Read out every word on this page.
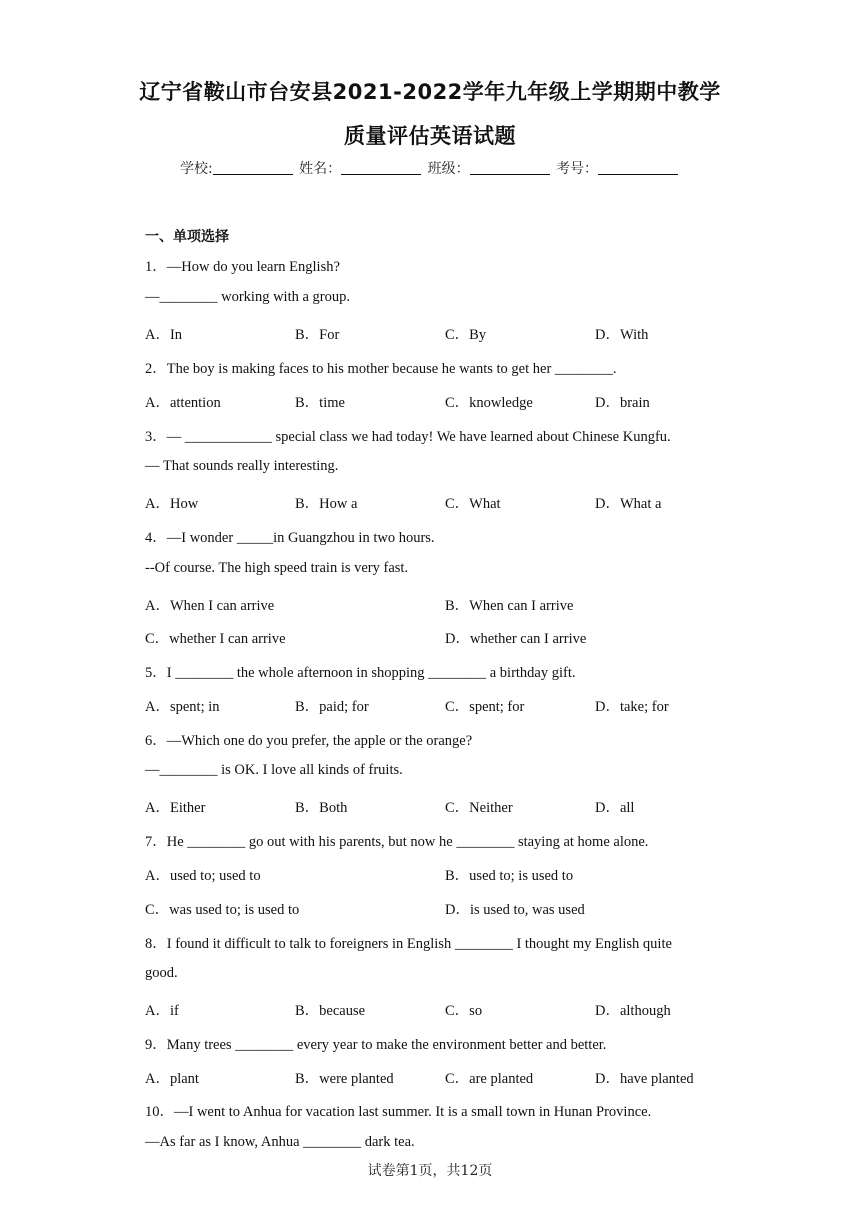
辽宁省鞍山市台安县2021-2022学年九年级上学期期中教学
质量评估英语试题
学校:	姓名：	班级：	考号：
一、单项选择
1．—How do you learn English?
—________ working with a group.
A．In	B．For	C．By	D．With
2．The boy is making faces to his mother because he wants to get her ________.
A．attention	B．time	C．knowledge	D．brain
3．— ____________ special class we had today! We have learned about Chinese Kungfu.
— That sounds really interesting.
A．How	B．How a	C．What	D．What a
4．—I wonder _____in Guangzhou in two hours.
--Of course. The high speed train is very fast.
A．When I can arrive	B．When can I arrive
C．whether I can arrive	D．whether can I arrive
5．I ________ the whole afternoon in shopping ________ a birthday gift.
A．spent; in	B．paid; for	C．spent; for	D．take; for
6．—Which one do you prefer, the apple or the orange?
—________ is OK. I love all kinds of fruits.
A．Either	B．Both	C．Neither	D．all
7．He ________ go out with his parents, but now he ________ staying at home alone.
A．used to; used to	B．used to; is used to
C．was used to; is used to	D．is used to, was used
8．I found it difficult to talk to foreigners in English ________ I thought my English quite
good.
A．if	B．because	C．so	D．although
9．Many trees ________ every year to make the environment better and better.
A．plant	B．were planted	C．are planted	D．have planted
10．—I went to Anhua for vacation last summer. It is a small town in Hunan Province.
—As far as I know, Anhua ________ dark tea.
试卷第1页，共12页
